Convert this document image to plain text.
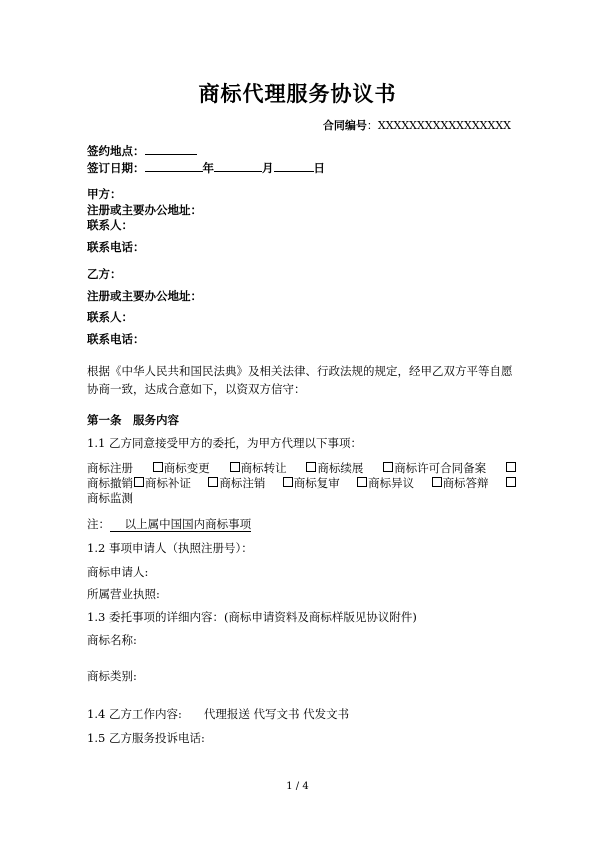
商标代理服务协议书
合同编号：XXXXXXXXXXXXXXXXX
签约地点：
签订日期：	年	月	日
甲方：
注册或主要办公地址：
联系人：
联系电话：
乙方：
注册或主要办公地址：
联系人：
联系电话：
根据《中华人民共和国民法典》及相关法律、行政法规的规定，经甲乙双方平等自愿协商一致，达成合意如下，以资双方信守：
第一条　服务内容
1.1 乙方同意接受甲方的委托，为甲方代理以下事项：
商标注册	商标变更	商标转让	商标续展	商标许可合同备案
商标撤销 商标补证	商标注销	商标复审	商标异议	商标答辩
商标监测
注： 以上属中国国内商标事项
1.2 事项申请人（执照注册号）：
商标申请人:
所属营业执照:
1.3 委托事项的详细内容：(商标申请资料及商标样版见协议附件)
商标名称:
商标类别:
1.4 乙方工作内容: 代理报送 代写文书 代发文书
1.5 乙方服务投诉电话:
1 / 4
